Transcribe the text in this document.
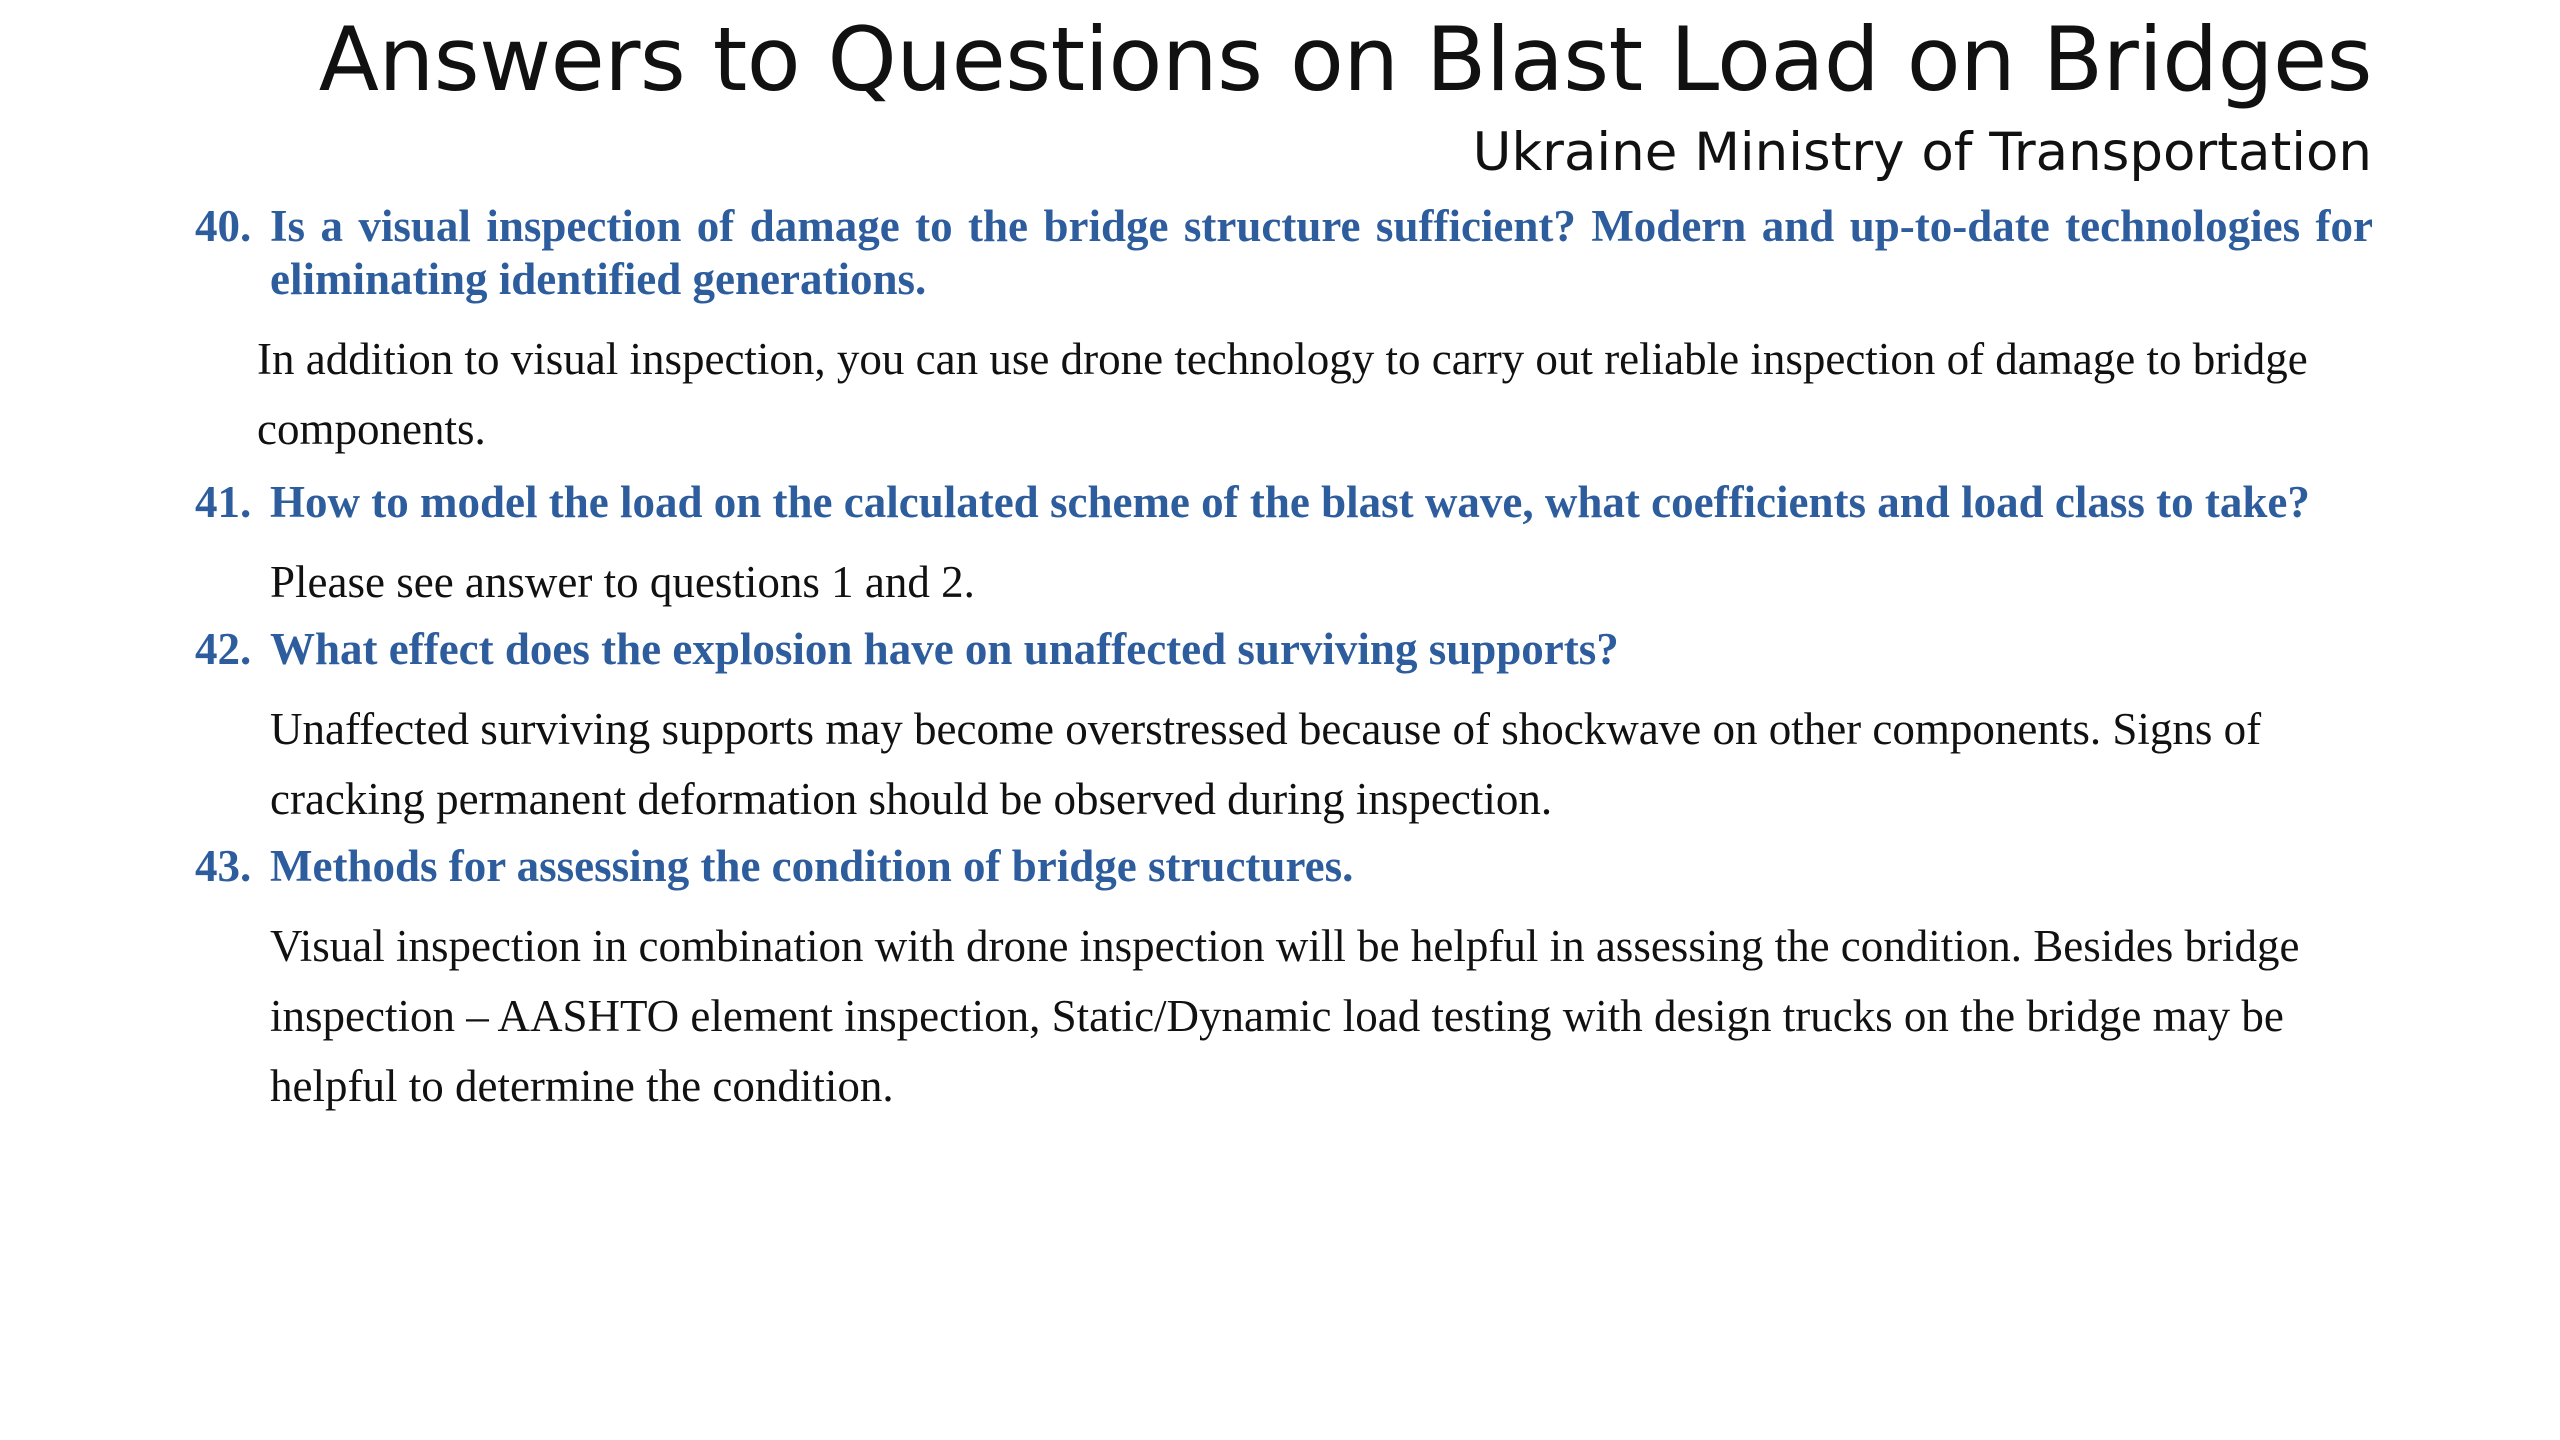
Answers to Questions on Blast Load on Bridges
Ukraine Ministry of Transportation
40. Is a visual inspection of damage to the bridge structure sufficient? Modern and up-to-date technologies for eliminating identified generations.

In addition to visual inspection, you can use drone technology to carry out reliable inspection of damage to bridge components.

41. How to model the load on the calculated scheme of the blast wave, what coefficients and load class to take?

Please see answer to questions 1 and 2.

42. What effect does the explosion have on unaffected surviving supports?

Unaffected surviving supports may become overstressed because of shockwave on other components. Signs of cracking permanent deformation should be observed during inspection.

43. Methods for assessing the condition of bridge structures.

Visual inspection in combination with drone inspection will be helpful in assessing the condition. Besides bridge inspection – AASHTO element inspection, Static/Dynamic load testing with design trucks on the bridge may be helpful to determine the condition.
